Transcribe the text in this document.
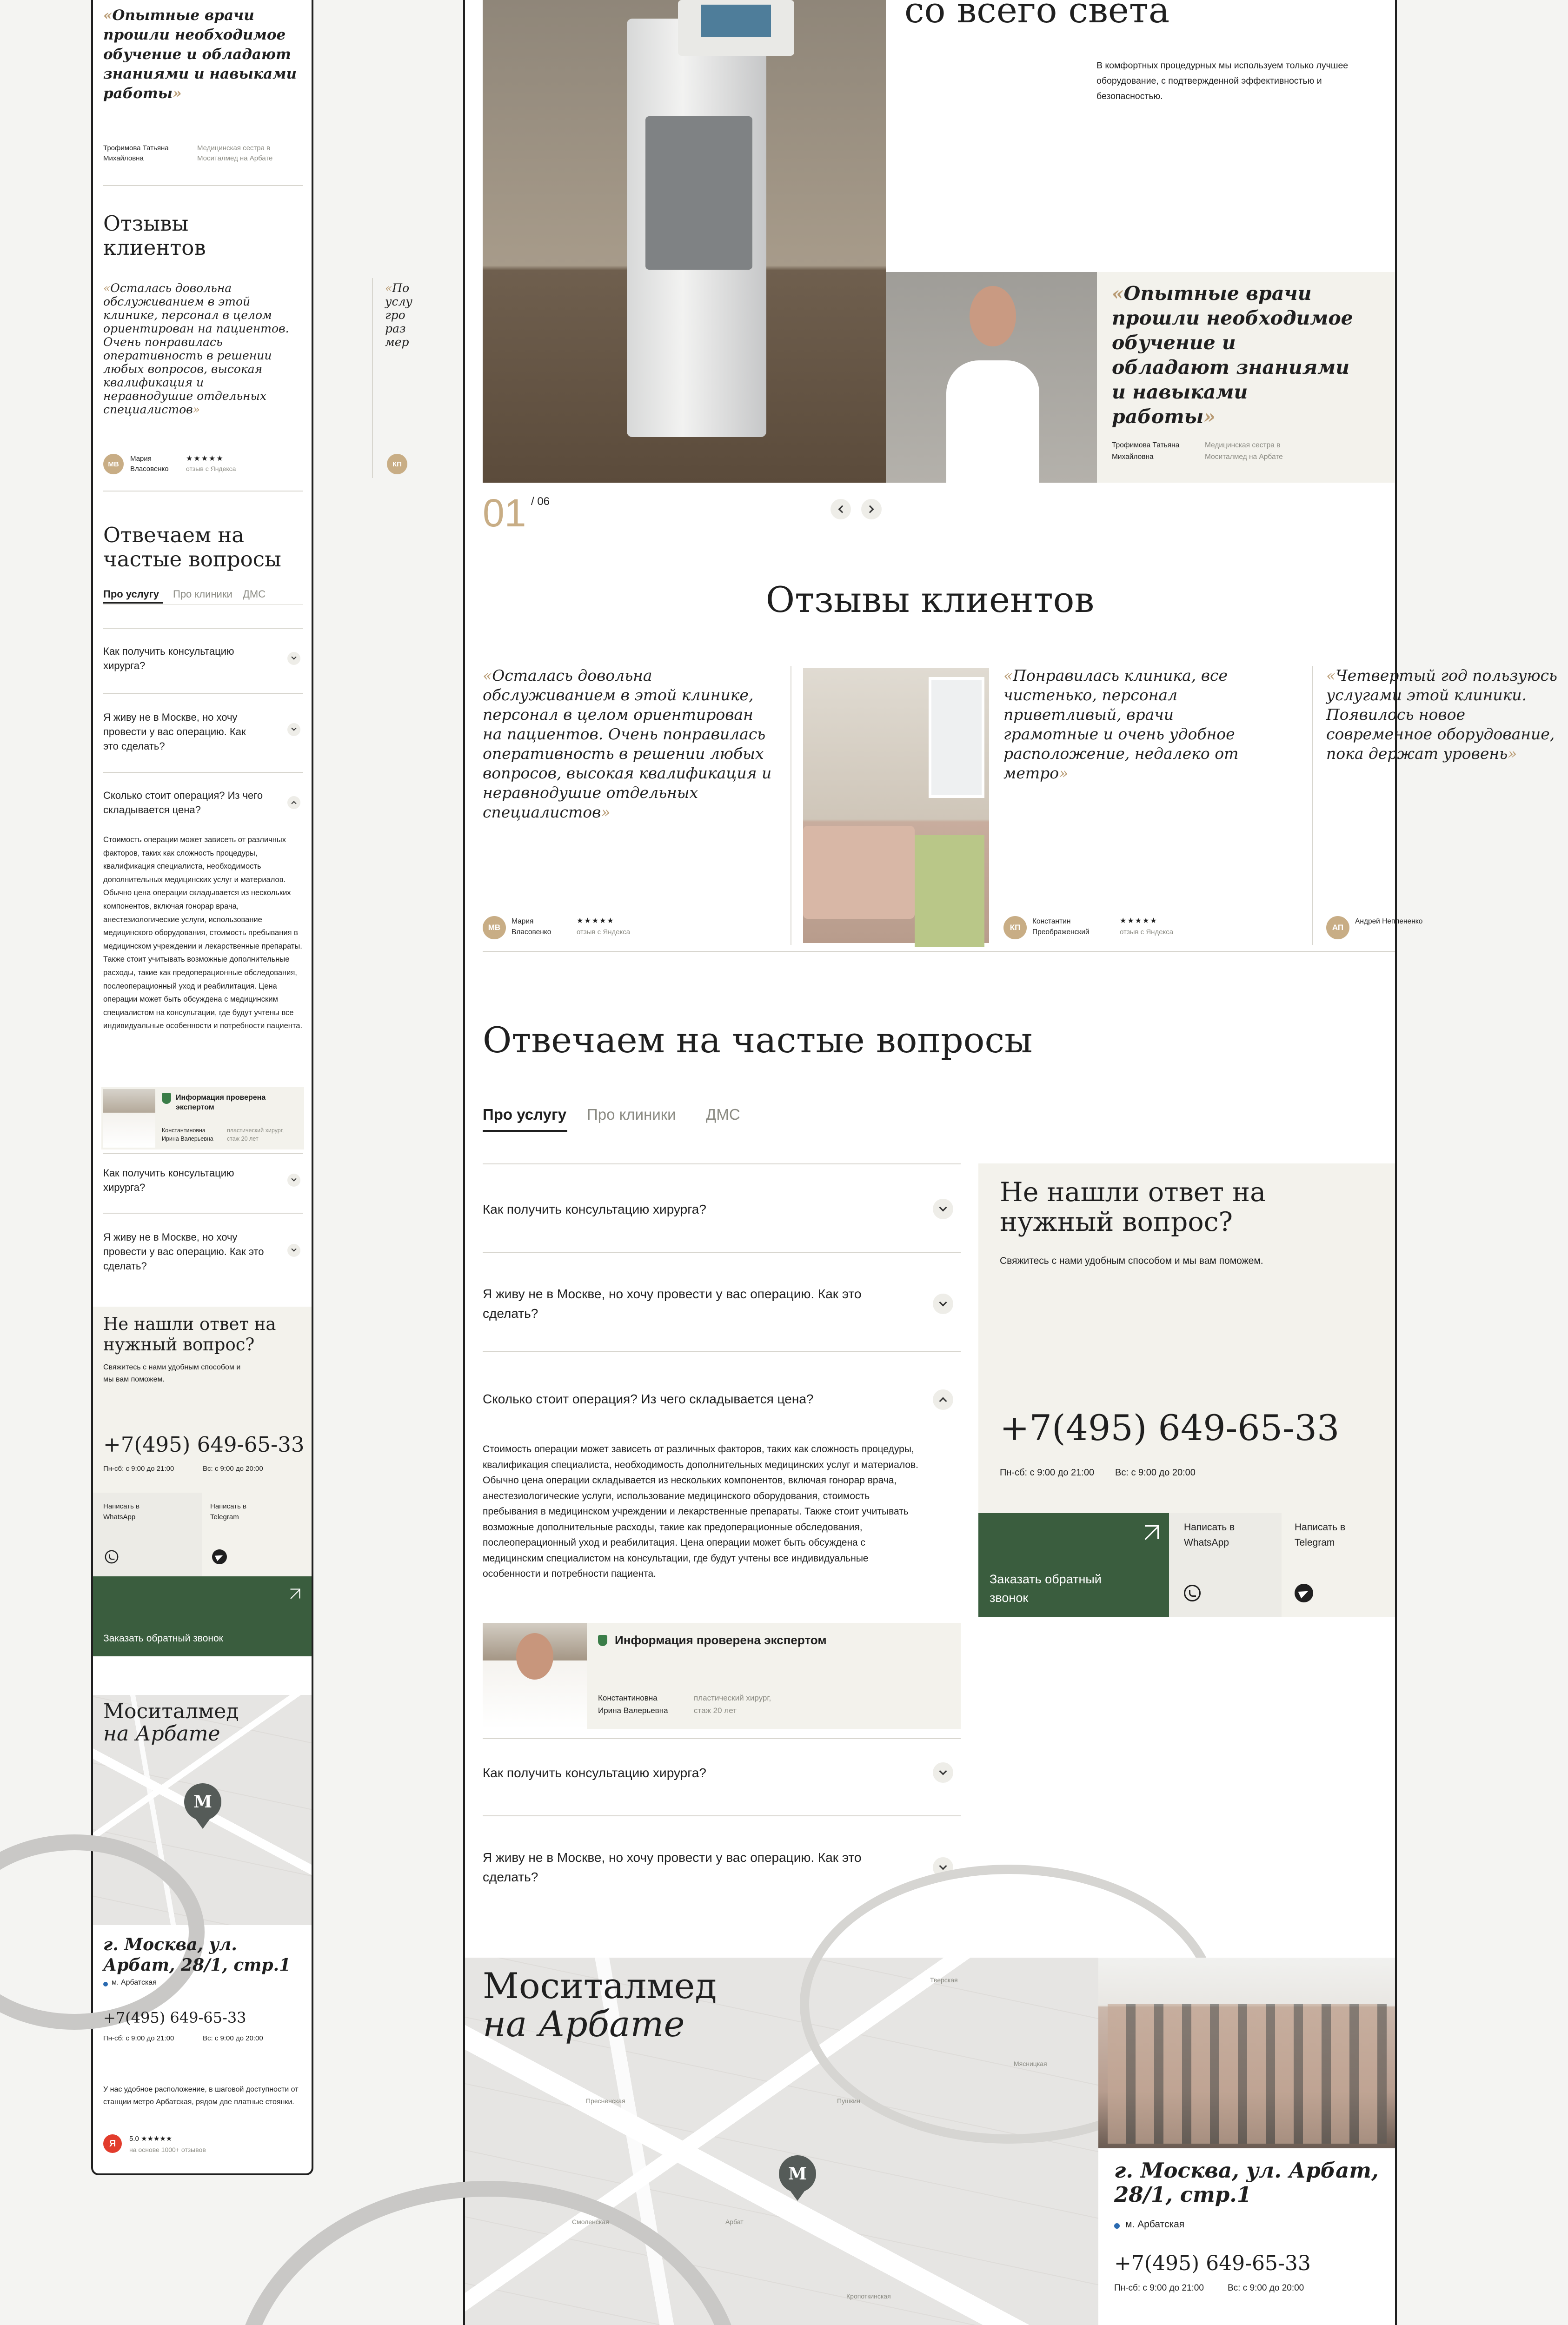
«Опытные врачи прошли необходимое обучение и обладают знаниями и навыками работы»
Трофимова Татьяна Михайловна
Медицинская сестра в Моситалмед на Арбате
Отзывы клиентов
«Осталась довольна обслуживанием в этой клинике, персонал в целом ориентирован на пациентов. Очень понравилась оперативность в решении любых вопросов, высокая квалификация и неравнодушие отдельных специалистов»
«По
услу
гро
раз
мер
МВ
Мария Власовенко
★★★★★
отзыв с Яндекса
КП
Отвечаем на частые вопросы
Про услугу Про клиники ДМС
Как получить консультацию хирурга?
Я живу не в Москве, но хочу провести у вас операцию. Как это сделать?
Сколько стоит операция? Из чего складывается цена?
Стоимость операции может зависеть от различных факторов, таких как сложность процедуры, квалификация специалиста, необходимость дополнительных медицинских услуг и материалов. Обычно цена операции складывается из нескольких компонентов, включая гонорар врача, анестезиологические услуги, использование медицинского оборудования, стоимость пребывания в медицинском учреждении и лекарственные препараты. Также стоит учитывать возможные дополнительные расходы, такие как предоперационные обследования, послеоперационный уход и реабилитация. Цена операции может быть обсуждена с медицинским специалистом на консультации, где будут учтены все индивидуальные особенности и потребности пациента.
Информация проверена экспертом
Константиновна Ирина Валерьевна
пластический хирург, стаж 20 лет
Как получить консультацию хирурга?
Я живу не в Москве, но хочу провести у вас операцию. Как это сделать?
Не нашли ответ на нужный вопрос?
Свяжитесь с нами удобным способом и мы вам поможем.
+7(495) 649-65-33
Пн-сб: с 9:00 до 21:00	Вс: с 9:00 до 20:00
Написать в WhatsApp
Написать в Telegram
Заказать обратный звонок
Моситалмед
на Арбате
М
г. Москва, ул. Арбат, 28/1, стр.1
м. Арбатская
+7(495) 649-65-33
Пн-сб: с 9:00 до 21:00	Вс: с 9:00 до 20:00
У нас удобное расположение, в шаговой доступности от станции метро Арбатская, рядом две платные стоянки.
Я	5.0 ★★★★★
на основе 1000+ отзывов
со всего света
В комфортных процедурных мы используем только лучшее оборудование, с подтвержденной эффективностью и безопасностью.
«Опытные врачи прошли необходимое обучение и обладают знаниями и навыками работы»
Трофимова Татьяна Михайловна
Медицинская сестра в Моситалмед на Арбате
01 / 06
Отзывы клиентов
«Осталась довольна обслуживанием в этой клинике, персонал в целом ориентирован на пациентов. Очень понравилась оперативность в решении любых вопросов, высокая квалификация и неравнодушие отдельных специалистов»
МВ
Мария Власовенко
★★★★★
отзыв с Яндекса
«Понравилась клиника, все чистенько, персонал приветливый, врачи грамотные и очень удобное расположение, недалеко от метро»
КП
Константин Преображенский
★★★★★
отзыв с Яндекса
«Четвертый год пользуюсь услугами этой клиники. Появилось новое современное оборудование, пока держат уровень»
АП
Андрей Неплененко
Отвечаем на частые вопросы
Про услугу Про клиники ДМС
Как получить консультацию хирурга?
Я живу не в Москве, но хочу провести у вас операцию. Как это сделать?
Сколько стоит операция? Из чего складывается цена?
Стоимость операции может зависеть от различных факторов, таких как сложность процедуры, квалификация специалиста, необходимость дополнительных медицинских услуг и материалов. Обычно цена операции складывается из нескольких компонентов, включая гонорар врача, анестезиологические услуги, использование медицинского оборудования, стоимость пребывания в медицинском учреждении и лекарственные препараты. Также стоит учитывать возможные дополнительные расходы, такие как предоперационные обследования, послеоперационный уход и реабилитация. Цена операции может быть обсуждена с медицинским специалистом на консультации, где будут учтены все индивидуальные особенности и потребности пациента.
Информация проверена экспертом
Константиновна Ирина Валерьевна
пластический хирург, стаж 20 лет
Как получить консультацию хирурга?
Я живу не в Москве, но хочу провести у вас операцию. Как это сделать?
Не нашли ответ на нужный вопрос?
Свяжитесь с нами удобным способом и мы вам поможем.
+7(495) 649-65-33
Пн-сб: с 9:00 до 21:00 Вс: с 9:00 до 20:00
Заказать обратный звонок
Написать в WhatsApp
Написать в Telegram
Моситалмед
на Арбате
М
Тверская
Арбат
Пушкин
Мясницкая
Кропоткинская
Пресненская
Смоленская
г. Москва, ул. Арбат, 28/1, стр.1
м. Арбатская
+7(495) 649-65-33
Пн-сб: с 9:00 до 21:00	Вс: с 9:00 до 20:00
